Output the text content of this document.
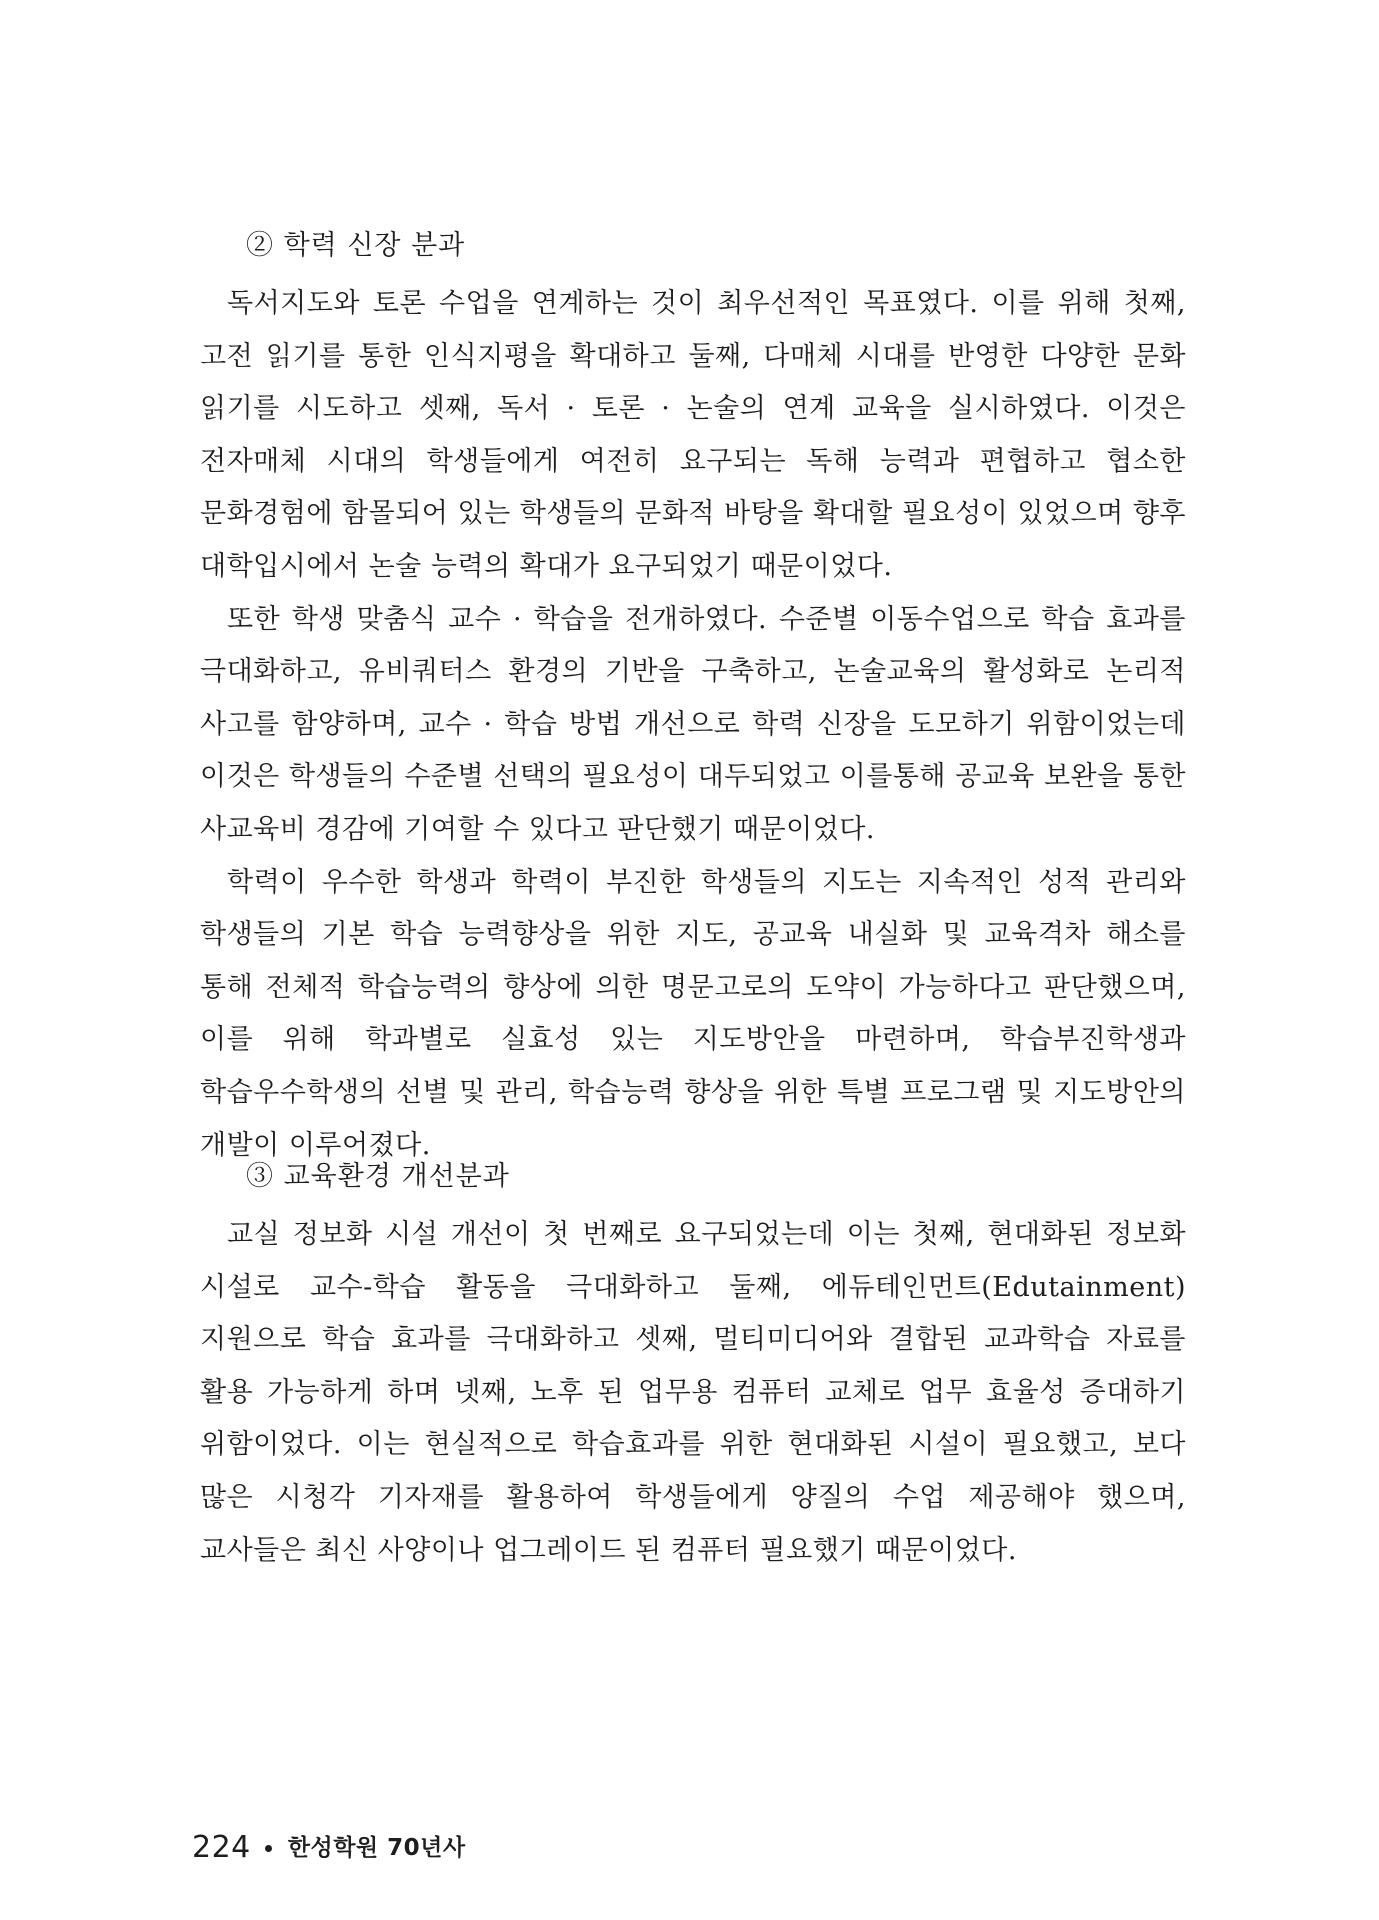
② 학력 신장 분과

독서지도와 토론 수업을 연계하는 것이 최우선적인 목표였다. 이를 위해 첫째, 고전 읽기를 통한 인식지평을 확대하고 둘째, 다매체 시대를 반영한 다양한 문화 읽기를 시도하고 셋째, 독서 · 토론 · 논술의 연계 교육을 실시하였다. 이것은 전자매체 시대의 학생들에게 여전히 요구되는 독해 능력과 편협하고 협소한 문화경험에 함몰되어 있는 학생들의 문화적 바탕을 확대할 필요성이 있었으며 향후 대학입시에서 논술 능력의 확대가 요구되었기 때문이었다.

또한 학생 맞춤식 교수 · 학습을 전개하였다. 수준별 이동수업으로 학습 효과를 극대화하고, 유비쿼터스 환경의 기반을 구축하고, 논술교육의 활성화로 논리적 사고를 함양하며, 교수 · 학습 방법 개선으로 학력 신장을 도모하기 위함이었는데 이것은 학생들의 수준별 선택의 필요성이 대두되었고 이를통해 공교육 보완을 통한 사교육비 경감에 기여할 수 있다고 판단했기 때문이었다.

학력이 우수한 학생과 학력이 부진한 학생들의 지도는 지속적인 성적 관리와 학생들의 기본 학습 능력향상을 위한 지도, 공교육 내실화 및 교육격차 해소를 통해 전체적 학습능력의 향상에 의한 명문고로의 도약이 가능하다고 판단했으며, 이를 위해 학과별로 실효성 있는 지도방안을 마련하며, 학습부진학생과 학습우수학생의 선별 및 관리, 학습능력 향상을 위한 특별 프로그램 및 지도방안의 개발이 이루어졌다.

③ 교육환경 개선분과

교실 정보화 시설 개선이 첫 번째로 요구되었는데 이는 첫째, 현대화된 정보화 시설로 교수-학습 활동을 극대화하고 둘째, 에듀테인먼트(Edutainment)지원으로 학습 효과를 극대화하고 셋째, 멀티미디어와 결합된 교과학습 자료를 활용 가능하게 하며 넷째, 노후 된 업무용 컴퓨터 교체로 업무 효율성 증대하기 위함이었다. 이는 현실적으로 학습효과를 위한 현대화된 시설이 필요했고, 보다 많은 시청각 기자재를 활용하여 학생들에게 양질의 수업 제공해야 했으며, 교사들은 최신 사양이나 업그레이드 된 컴퓨터 필요했기 때문이었다.

224 한성학원 70년사
